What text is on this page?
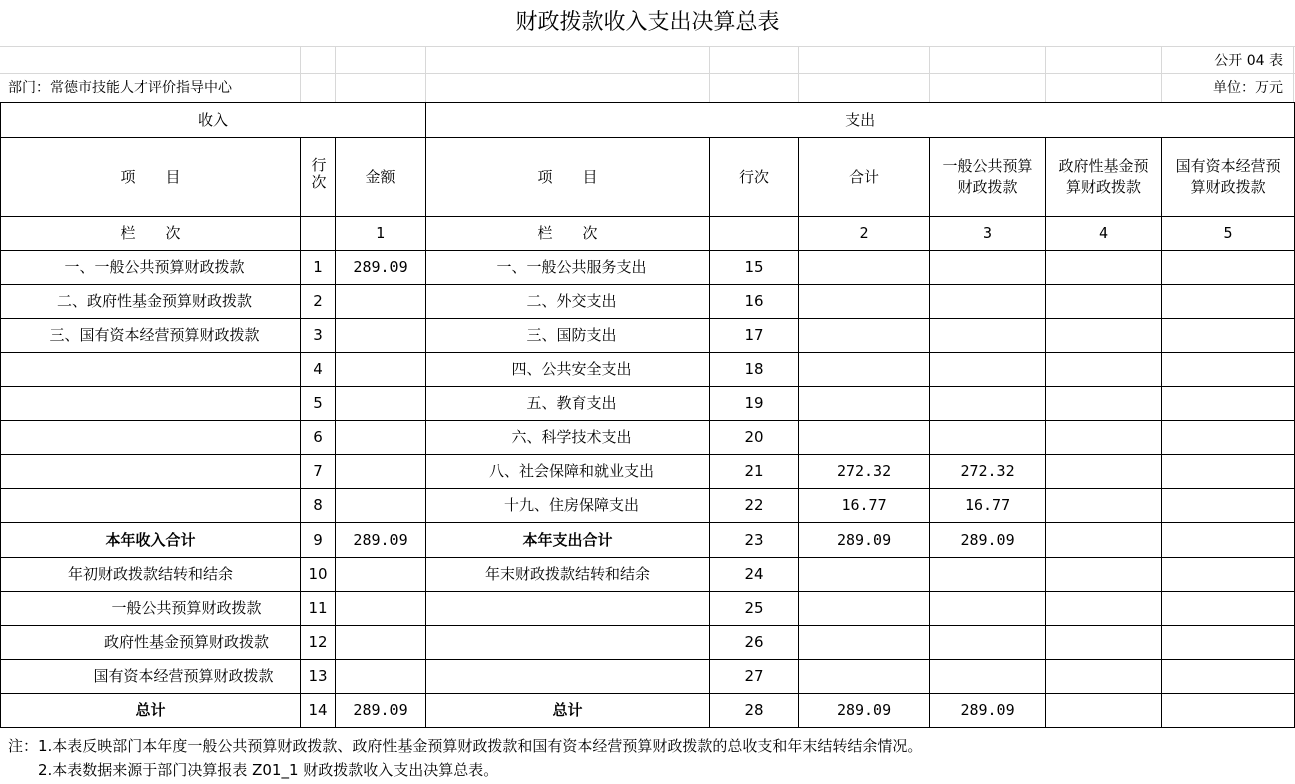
财政拨款收入支出决算总表
公开 04 表
部门：常德市技能人才评价指导中心	单位：万元
收入			支出					
项　　目	行次	金额	项　　目	行次	合计	一般公共预算财政拨款	政府性基金预算财政拨款	国有资本经营预算财政拨款
栏　　次		1	栏　　次		2	3	4	5
一、一般公共预算财政拨款	1	289.09	一、一般公共服务支出	15				
二、政府性基金预算财政拨款	2		二、外交支出	16				
三、国有资本经营预算财政拨款	3		三、国防支出	17				
	4		四、公共安全支出	18				
	5		五、教育支出	19				
	6		六、科学技术支出	20				
	7		八、社会保障和就业支出	21	272.32	272.32		
	8		十九、住房保障支出	22	16.77	16.77		
本年收入合计	9	289.09	本年支出合计	23	289.09	289.09		
年初财政拨款结转和结余	10		年末财政拨款结转和结余	24				
一般公共预算财政拨款	11			25				
政府性基金预算财政拨款	12			26				
国有资本经营预算财政拨款	13			27				
总计	14	289.09	总计	28	289.09	289.09		
注：1.本表反映部门本年度一般公共预算财政拨款、政府性基金预算财政拨款和国有资本经营预算财政拨款的总收支和年末结转结余情况。
　　2.本表数据来源于部门决算报表 Z01_1 财政拨款收入支出决算总表。
